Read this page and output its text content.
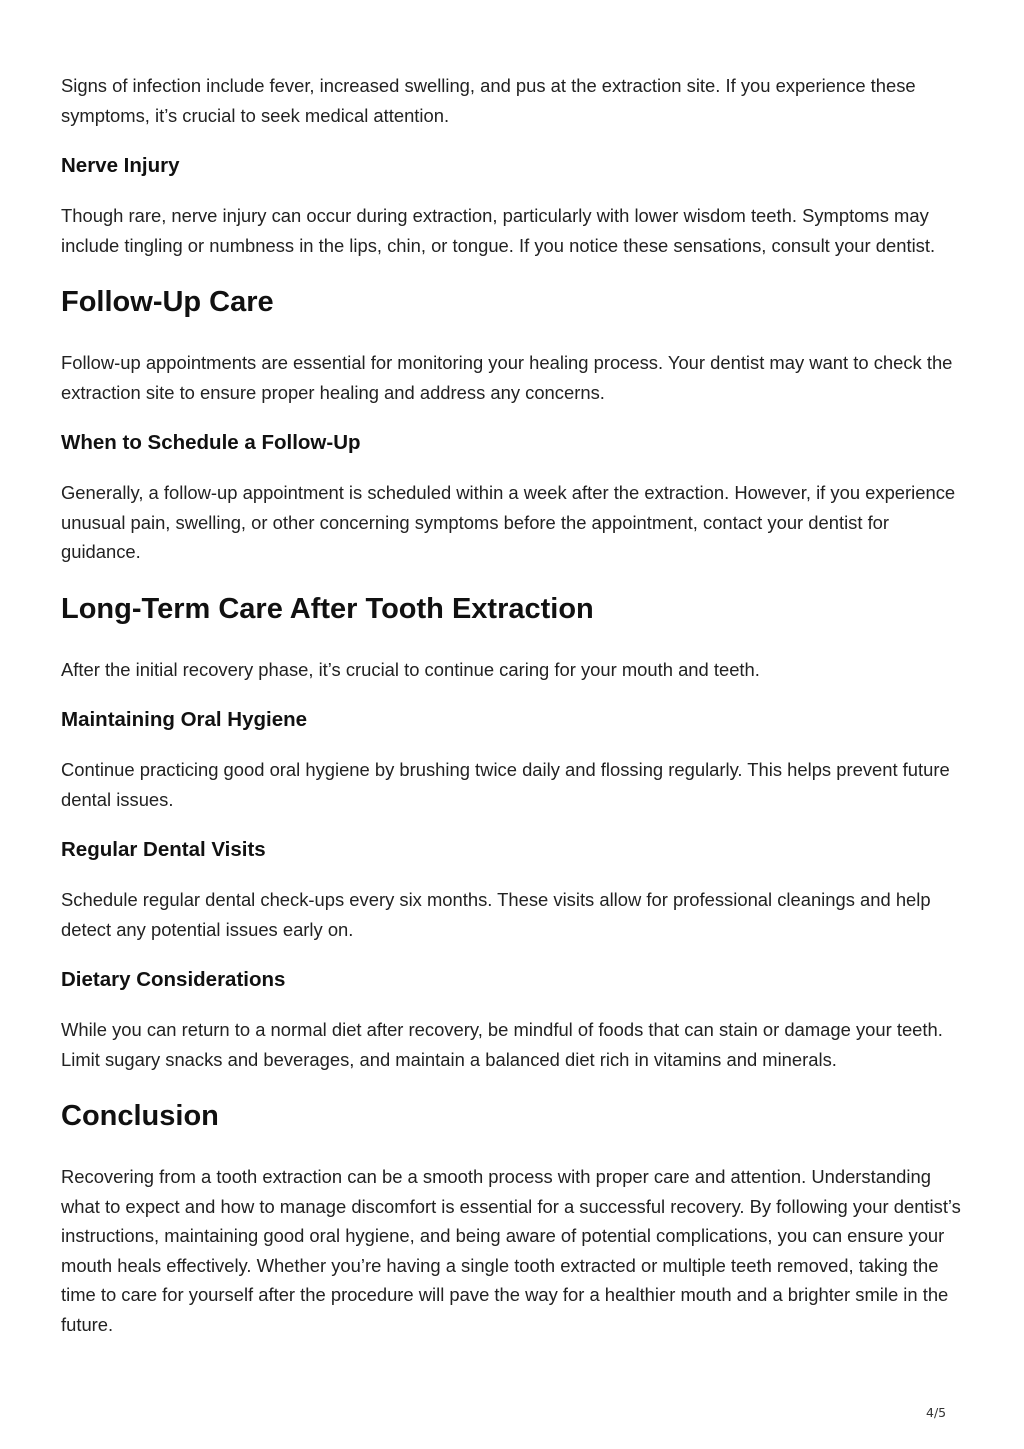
Signs of infection include fever, increased swelling, and pus at the extraction site. If you experience these symptoms, it’s crucial to seek medical attention.

Nerve Injury

Though rare, nerve injury can occur during extraction, particularly with lower wisdom teeth. Symptoms may include tingling or numbness in the lips, chin, or tongue. If you notice these sensations, consult your dentist.

Follow-Up Care

Follow-up appointments are essential for monitoring your healing process. Your dentist may want to check the extraction site to ensure proper healing and address any concerns.

When to Schedule a Follow-Up

Generally, a follow-up appointment is scheduled within a week after the extraction. However, if you experience unusual pain, swelling, or other concerning symptoms before the appointment, contact your dentist for guidance.

Long-Term Care After Tooth Extraction

After the initial recovery phase, it’s crucial to continue caring for your mouth and teeth.

Maintaining Oral Hygiene

Continue practicing good oral hygiene by brushing twice daily and flossing regularly. This helps prevent future dental issues.

Regular Dental Visits

Schedule regular dental check-ups every six months. These visits allow for professional cleanings and help detect any potential issues early on.

Dietary Considerations

While you can return to a normal diet after recovery, be mindful of foods that can stain or damage your teeth. Limit sugary snacks and beverages, and maintain a balanced diet rich in vitamins and minerals.

Conclusion

Recovering from a tooth extraction can be a smooth process with proper care and attention. Understanding what to expect and how to manage discomfort is essential for a successful recovery. By following your dentist’s instructions, maintaining good oral hygiene, and being aware of potential complications, you can ensure your mouth heals effectively. Whether you’re having a single tooth extracted or multiple teeth removed, taking the time to care for yourself after the procedure will pave the way for a healthier mouth and a brighter smile in the future.

4/5
